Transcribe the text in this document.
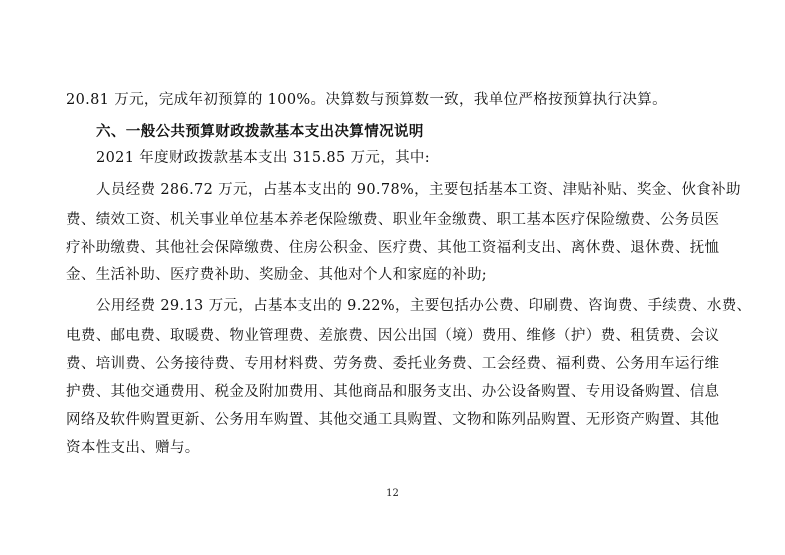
20.81 万元，完成年初预算的 100%。决算数与预算数一致，我单位严格按预算执行决算。
六、一般公共预算财政拨款基本支出决算情况说明
2021 年度财政拨款基本支出 315.85 万元，其中:
人员经费 286.72 万元，占基本支出的 90.78%，主要包括基本工资、津贴补贴、奖金、伙食补助
费、绩效工资、机关事业单位基本养老保险缴费、职业年金缴费、职工基本医疗保险缴费、公务员医
疗补助缴费、其他社会保障缴费、住房公积金、医疗费、其他工资福利支出、离休费、退休费、抚恤
金、生活补助、医疗费补助、奖励金、其他对个人和家庭的补助;
公用经费 29.13 万元，占基本支出的 9.22%，主要包括办公费、印刷费、咨询费、手续费、水费、
电费、邮电费、取暖费、物业管理费、差旅费、因公出国（境）费用、维修（护）费、租赁费、会议
费、培训费、公务接待费、专用材料费、劳务费、委托业务费、工会经费、福利费、公务用车运行维
护费、其他交通费用、税金及附加费用、其他商品和服务支出、办公设备购置、专用设备购置、信息
网络及软件购置更新、公务用车购置、其他交通工具购置、文物和陈列品购置、无形资产购置、其他
资本性支出、赠与。
12
